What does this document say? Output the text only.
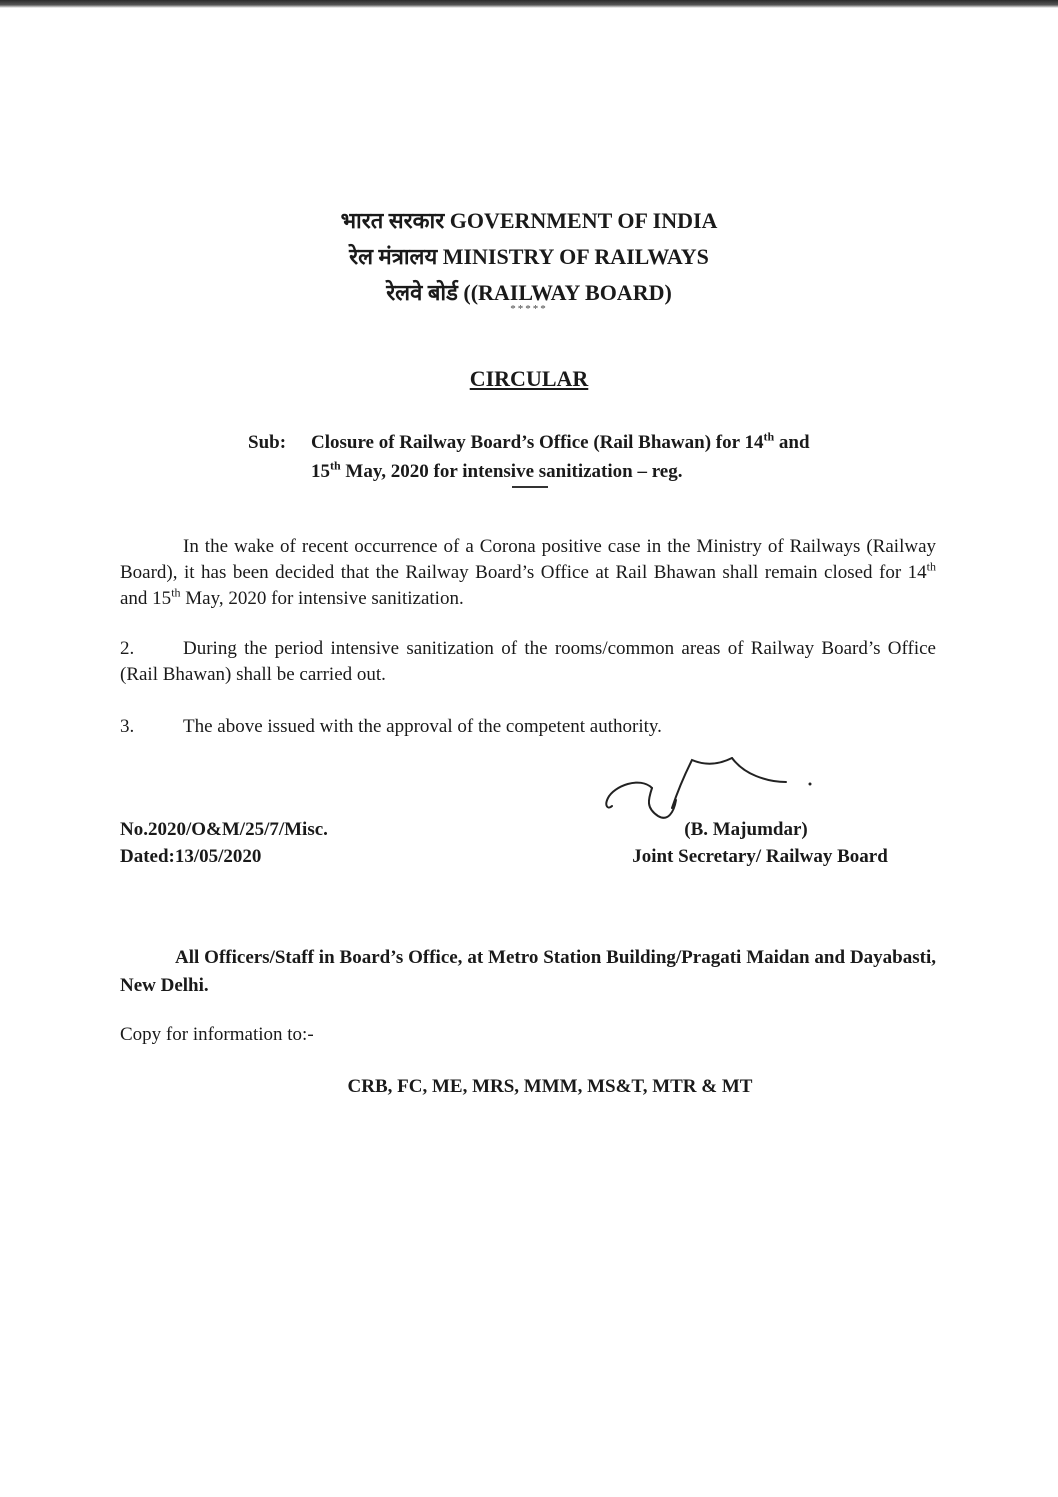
भारत सरकार GOVERNMENT OF INDIA
रेल मंत्रालय MINISTRY OF RAILWAYS
रेलवे बोर्ड ((RAILWAY BOARD)
*****
CIRCULAR
Sub: Closure of Railway Board’s Office (Rail Bhawan) for 14th and
15th May, 2020 for intensive sanitization – reg.
In the wake of recent occurrence of a Corona positive case in the Ministry of Railways (Railway Board), it has been decided that the Railway Board’s Office at Rail Bhawan shall remain closed for 14th and 15th May, 2020 for intensive sanitization.
2.	During the period intensive sanitization of the rooms/common areas of Railway Board’s Office (Rail Bhawan) shall be carried out.
3.	The above issued with the approval of the competent authority.
No.2020/O&M/25/7/Misc.
Dated:13/05/2020
(B. Majumdar)
Joint Secretary/ Railway Board
All Officers/Staff in Board’s Office, at Metro Station Building/Pragati Maidan and Dayabasti, New Delhi.
Copy for information to:-
CRB, FC, ME, MRS, MMM, MS&T, MTR & MT
